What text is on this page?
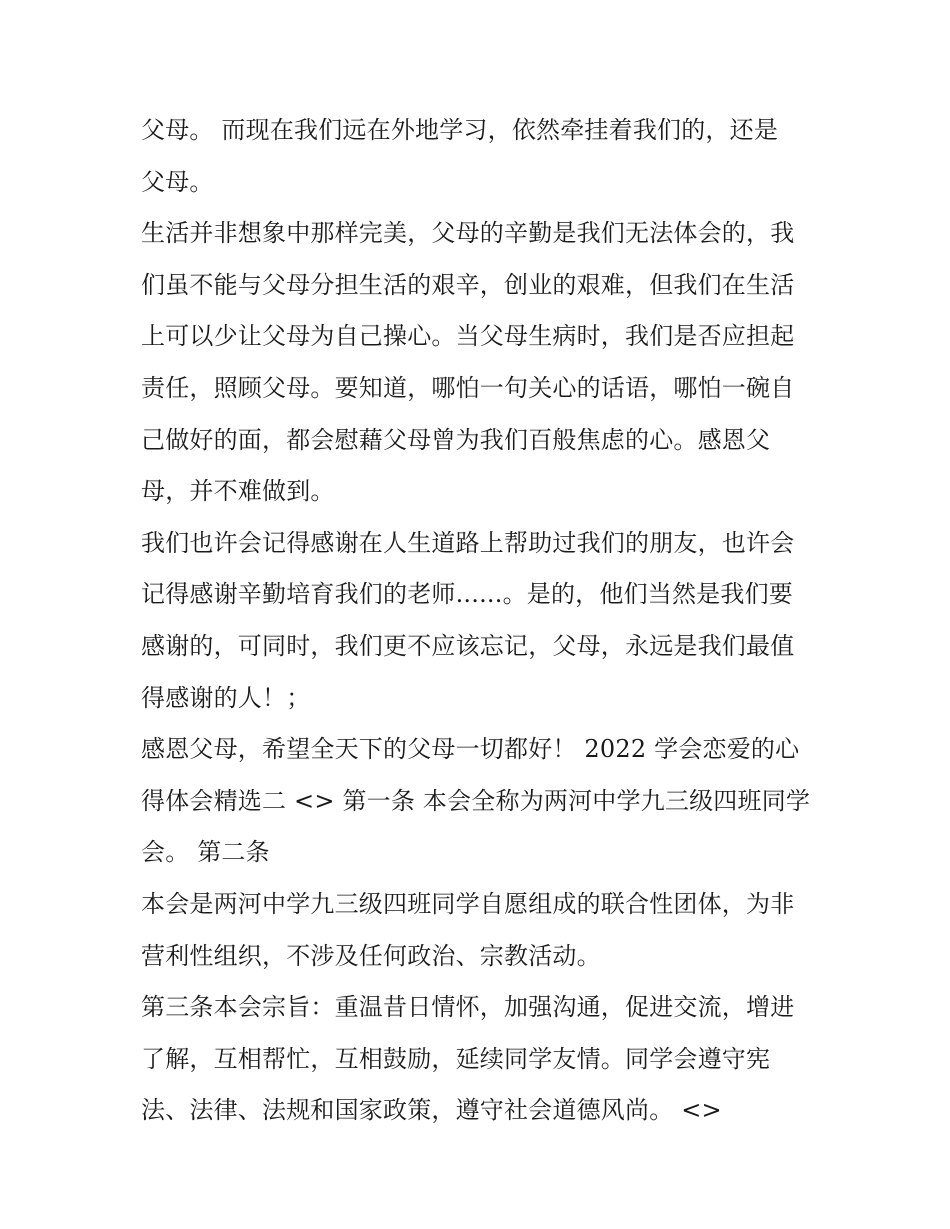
父母。 而现在我们远在外地学习，依然牵挂着我们的，还是
父母。
生活并非想象中那样完美，父母的辛勤是我们无法体会的，我
们虽不能与父母分担生活的艰辛，创业的艰难，但我们在生活
上可以少让父母为自己操心。当父母生病时，我们是否应担起
责任，照顾父母。要知道，哪怕一句关心的话语，哪怕一碗自
己做好的面，都会慰藉父母曾为我们百般焦虑的心。感恩父
母，并不难做到。
我们也许会记得感谢在人生道路上帮助过我们的朋友，也许会
记得感谢辛勤培育我们的老师......。是的，他们当然是我们要
感谢的，可同时，我们更不应该忘记，父母，永远是我们最值
得感谢的人！；
感恩父母，希望全天下的父母一切都好！ 2022 学会恋爱的心
得体会精选二 <> 第一条 本会全称为两河中学九三级四班同学
会。 第二条
本会是两河中学九三级四班同学自愿组成的联合性团体，为非
营利性组织，不涉及任何政治、宗教活动。
第三条本会宗旨：重温昔日情怀，加强沟通，促进交流，增进
了解，互相帮忙，互相鼓励，延续同学友情。同学会遵守宪
法、法律、法规和国家政策，遵守社会道德风尚。 <>
